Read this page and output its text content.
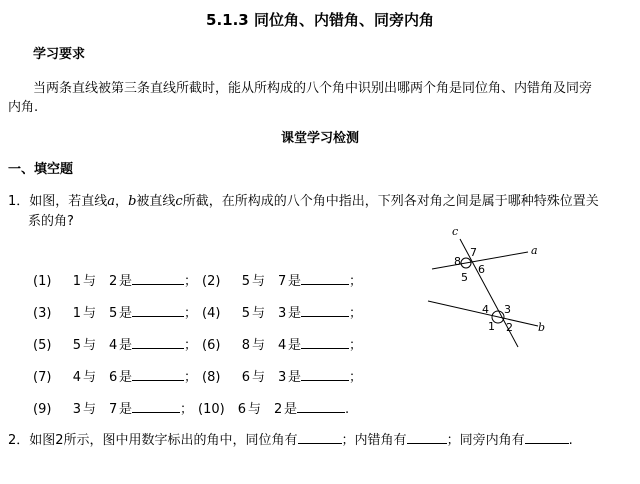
5.1.3 同位角、内错角、同旁内角
学习要求
当两条直线被第三条直线所截时，能从所构成的八个角中识别出哪两个角是同位角、内错角及同旁
内角.
课堂学习检测
一、填空题
1．如图，若直线a，b被直线c所截，在所构成的八个角中指出，下列各对角之间是属于哪种特殊位置关
系的角?
(1)	1 与 2 是	； (2)	5 与 7 是	；
(3)	1 与 5 是	； (4)	5 与 3 是	；
(5)	5 与 4 是	； (6)	8 与 4 是	；
(7)	4 与 6 是	； (8)	6 与 3 是	；
(9)	3 与 7 是	； (10)	6 与 2 是	.
c
a
b
7
8
6
5
4 3
1 2
2．如图2所示，图中用数字标出的角中，同位角有	；内错角有	；同旁内角有	.
